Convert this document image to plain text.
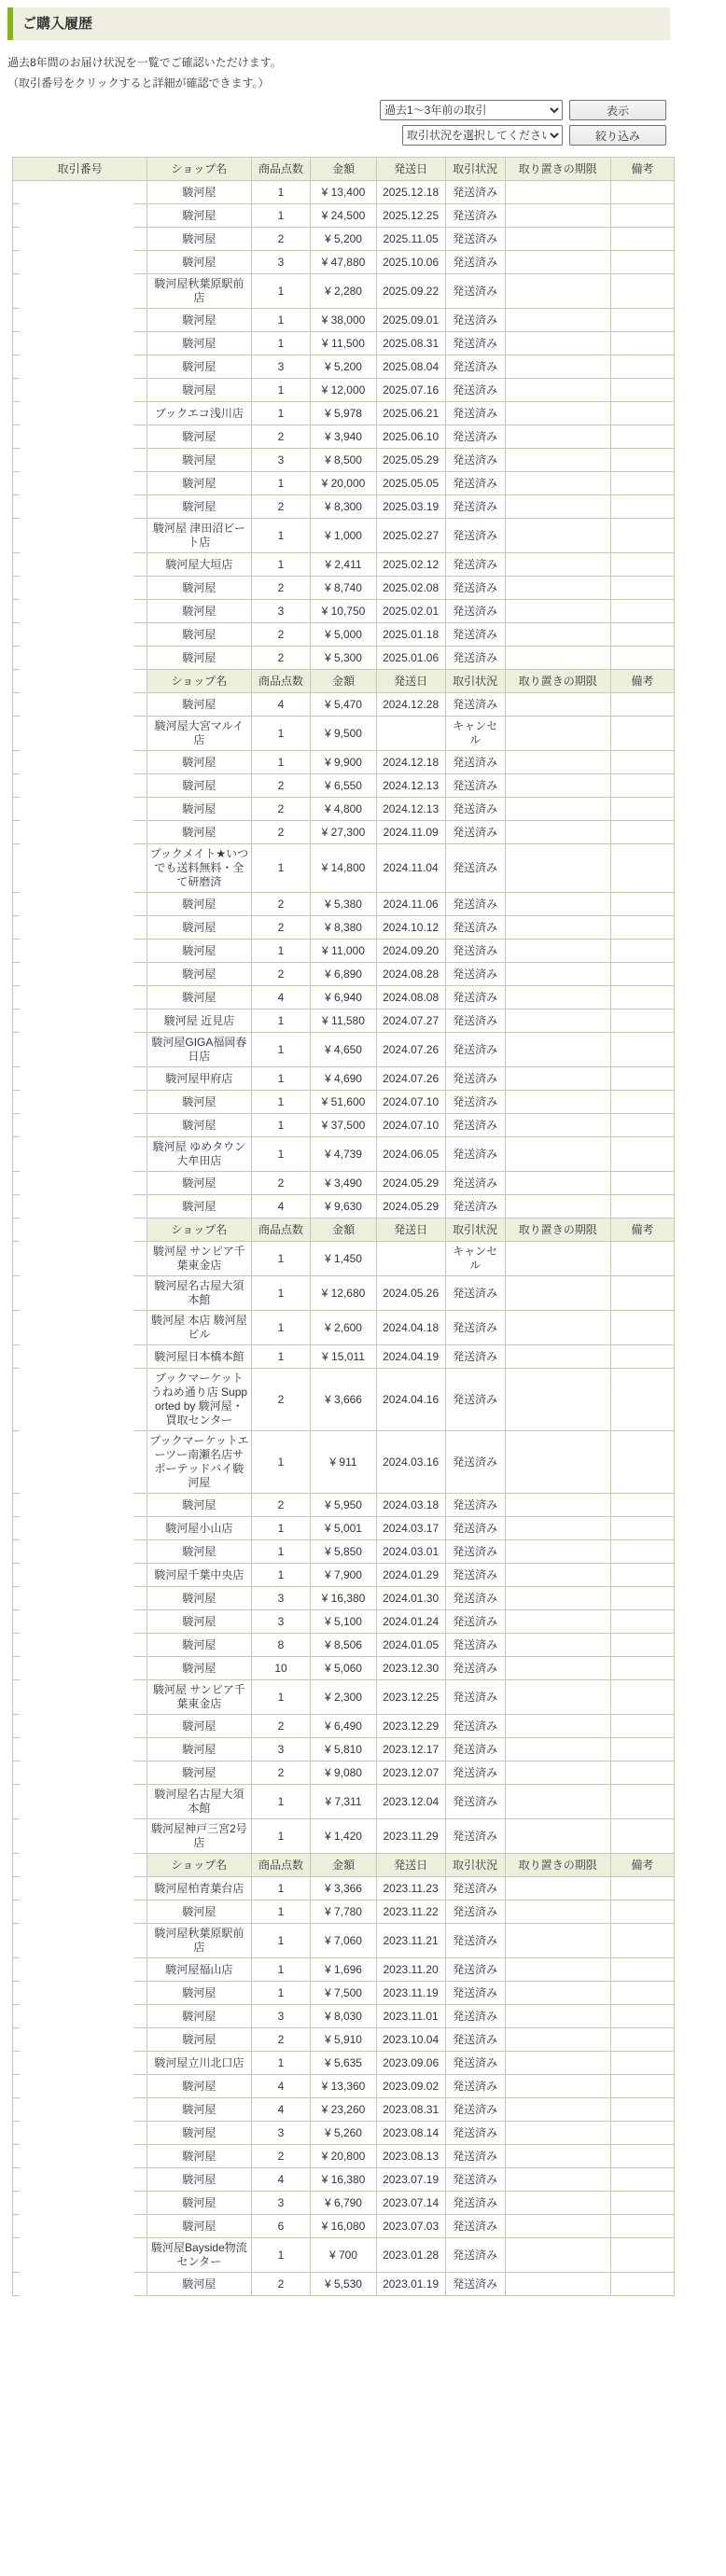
ご購入履歴

過去8年間のお届け状況を一覧でご確認いただけます。

（取引番号をクリックすると詳細が確認できます。）

過去1～3年前の取引
表示
取引状況を選択してください
絞り込み
取引番号	ショップ名	商品点数	金額	発送日	取引状況	取り置きの期限	備考
	駿河屋	1	¥ 13,400	2025.12.18	発送済み		
	駿河屋	1	¥ 24,500	2025.12.25	発送済み		
	駿河屋	2	¥ 5,200	2025.11.05	発送済み		
	駿河屋	3	¥ 47,880	2025.10.06	発送済み		
	駿河屋秋葉原駅前店	1	¥ 2,280	2025.09.22	発送済み		
	駿河屋	1	¥ 38,000	2025.09.01	発送済み		
	駿河屋	1	¥ 11,500	2025.08.31	発送済み		
	駿河屋	3	¥ 5,200	2025.08.04	発送済み		
	駿河屋	1	¥ 12,000	2025.07.16	発送済み		
	ブックエコ浅川店	1	¥ 5,978	2025.06.21	発送済み		
	駿河屋	2	¥ 3,940	2025.06.10	発送済み		
	駿河屋	3	¥ 8,500	2025.05.29	発送済み		
	駿河屋	1	¥ 20,000	2025.05.05	発送済み		
	駿河屋	2	¥ 8,300	2025.03.19	発送済み		
	駿河屋 津田沼ビート店	1	¥ 1,000	2025.02.27	発送済み		
	駿河屋大垣店	1	¥ 2,411	2025.02.12	発送済み		
	駿河屋	2	¥ 8,740	2025.02.08	発送済み		
	駿河屋	3	¥ 10,750	2025.02.01	発送済み		
	駿河屋	2	¥ 5,000	2025.01.18	発送済み		
	駿河屋	2	¥ 5,300	2025.01.06	発送済み		
	ショップ名	商品点数	金額	発送日	取引状況	取り置きの期限	備考
	駿河屋	4	¥ 5,470	2024.12.28	発送済み		
	駿河屋大宮マルイ店	1	¥ 9,500		キャンセル		
	駿河屋	1	¥ 9,900	2024.12.18	発送済み		
	駿河屋	2	¥ 6,550	2024.12.13	発送済み		
	駿河屋	2	¥ 4,800	2024.12.13	発送済み		
	駿河屋	2	¥ 27,300	2024.11.09	発送済み		
	ブックメイト★いつでも送料無料・全て研磨済	1	¥ 14,800	2024.11.04	発送済み		
	駿河屋	2	¥ 5,380	2024.11.06	発送済み		
	駿河屋	2	¥ 8,380	2024.10.12	発送済み		
	駿河屋	1	¥ 11,000	2024.09.20	発送済み		
	駿河屋	2	¥ 6,890	2024.08.28	発送済み		
	駿河屋	4	¥ 6,940	2024.08.08	発送済み		
	駿河屋 近見店	1	¥ 11,580	2024.07.27	発送済み		
	駿河屋GIGA福岡春日店	1	¥ 4,650	2024.07.26	発送済み		
	駿河屋甲府店	1	¥ 4,690	2024.07.26	発送済み		
	駿河屋	1	¥ 51,600	2024.07.10	発送済み		
	駿河屋	1	¥ 37,500	2024.07.10	発送済み		
	駿河屋 ゆめタウン大牟田店	1	¥ 4,739	2024.06.05	発送済み		
	駿河屋	2	¥ 3,490	2024.05.29	発送済み		
	駿河屋	4	¥ 9,630	2024.05.29	発送済み		
	ショップ名	商品点数	金額	発送日	取引状況	取り置きの期限	備考
	駿河屋 サンピア千葉東金店	1	¥ 1,450		キャンセル		
	駿河屋名古屋大須本館	1	¥ 12,680	2024.05.26	発送済み		
	駿河屋 本店 駿河屋ビル	1	¥ 2,600	2024.04.18	発送済み		
	駿河屋日本橋本館	1	¥ 15,011	2024.04.19	発送済み		
	ブックマーケットうねめ通り店 Supported by 駿河屋・買取センター	2	¥ 3,666	2024.04.16	発送済み		
	ブックマーケットエーツー南瀬名店サポーテッドバイ駿河屋	1	¥ 911	2024.03.16	発送済み		
	駿河屋	2	¥ 5,950	2024.03.18	発送済み		
	駿河屋小山店	1	¥ 5,001	2024.03.17	発送済み		
	駿河屋	1	¥ 5,850	2024.03.01	発送済み		
	駿河屋千葉中央店	1	¥ 7,900	2024.01.29	発送済み		
	駿河屋	3	¥ 16,380	2024.01.30	発送済み		
	駿河屋	3	¥ 5,100	2024.01.24	発送済み		
	駿河屋	8	¥ 8,506	2024.01.05	発送済み		
	駿河屋	10	¥ 5,060	2023.12.30	発送済み		
	駿河屋 サンピア千葉東金店	1	¥ 2,300	2023.12.25	発送済み		
	駿河屋	2	¥ 6,490	2023.12.29	発送済み		
	駿河屋	3	¥ 5,810	2023.12.17	発送済み		
	駿河屋	2	¥ 9,080	2023.12.07	発送済み		
	駿河屋名古屋大須本館	1	¥ 7,311	2023.12.04	発送済み		
	駿河屋神戸三宮2号店	1	¥ 1,420	2023.11.29	発送済み		
	ショップ名	商品点数	金額	発送日	取引状況	取り置きの期限	備考
	駿河屋柏青葉台店	1	¥ 3,366	2023.11.23	発送済み		
	駿河屋	1	¥ 7,780	2023.11.22	発送済み		
	駿河屋秋葉原駅前店	1	¥ 7,060	2023.11.21	発送済み		
	駿河屋福山店	1	¥ 1,696	2023.11.20	発送済み		
	駿河屋	1	¥ 7,500	2023.11.19	発送済み		
	駿河屋	3	¥ 8,030	2023.11.01	発送済み		
	駿河屋	2	¥ 5,910	2023.10.04	発送済み		
	駿河屋立川北口店	1	¥ 5,635	2023.09.06	発送済み		
	駿河屋	4	¥ 13,360	2023.09.02	発送済み		
	駿河屋	4	¥ 23,260	2023.08.31	発送済み		
	駿河屋	3	¥ 5,260	2023.08.14	発送済み		
	駿河屋	2	¥ 20,800	2023.08.13	発送済み		
	駿河屋	4	¥ 16,380	2023.07.19	発送済み		
	駿河屋	3	¥ 6,790	2023.07.14	発送済み		
	駿河屋	6	¥ 16,080	2023.07.03	発送済み		
	駿河屋Bayside物流センター	1	¥ 700	2023.01.28	発送済み		
	駿河屋	2	¥ 5,530	2023.01.19	発送済み		
